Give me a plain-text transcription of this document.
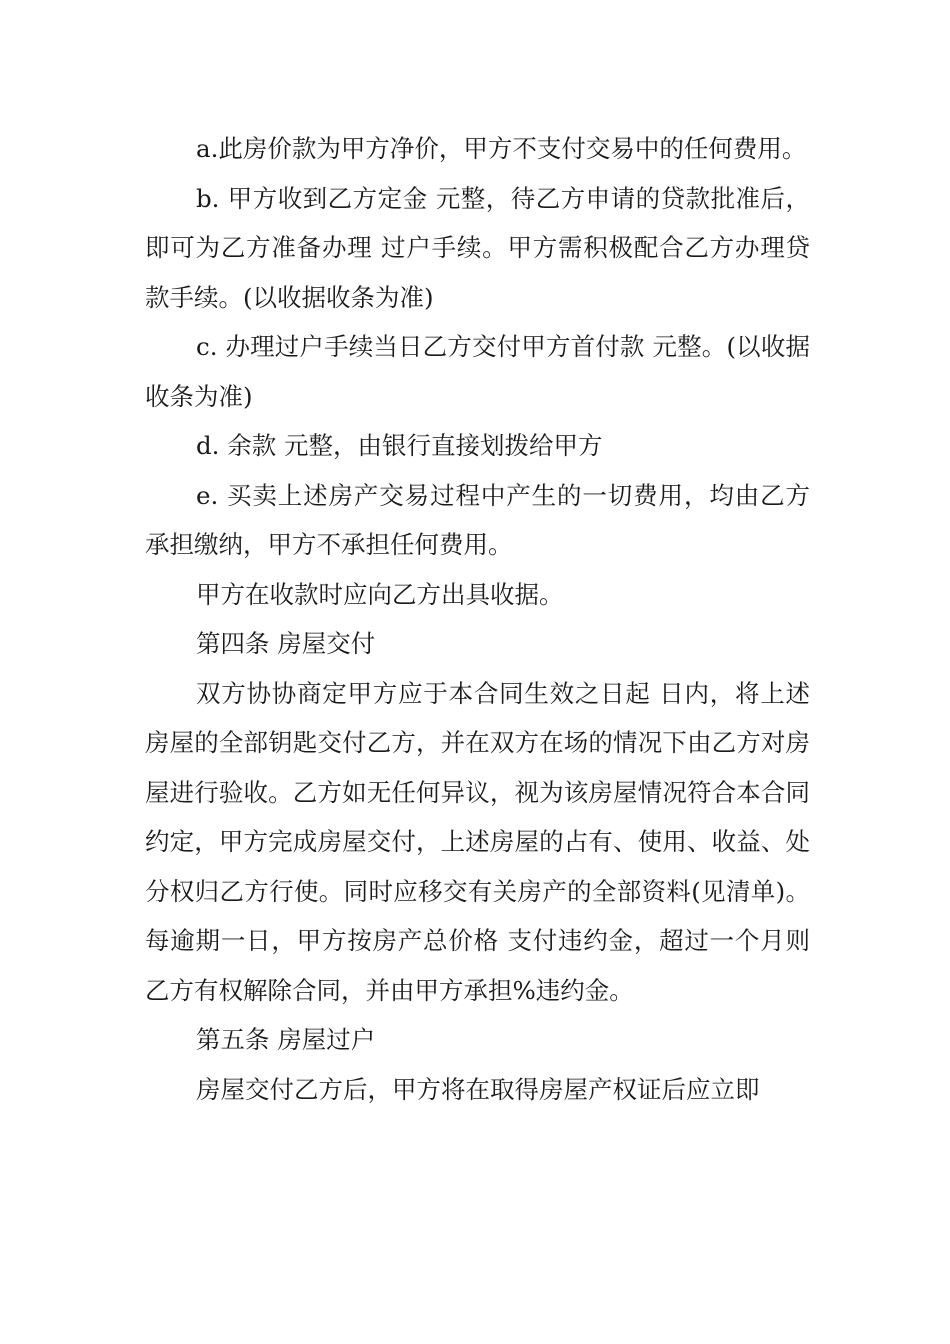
a.此房价款为甲方净价，甲方不支付交易中的任何费用。

b. 甲方收到乙方定金 元整，待乙方申请的贷款批准后，即可为乙方准备办理 过户手续。甲方需积极配合乙方办理贷款手续。(以收据收条为准)

c. 办理过户手续当日乙方交付甲方首付款 元整。(以收据收条为准)

d. 余款 元整，由银行直接划拨给甲方

e. 买卖上述房产交易过程中产生的一切费用，均由乙方承担缴纳，甲方不承担任何费用。

甲方在收款时应向乙方出具收据。

第四条 房屋交付

双方协协商定甲方应于本合同生效之日起 日内，将上述房屋的全部钥匙交付乙方，并在双方在场的情况下由乙方对房屋进行验收。乙方如无任何异议，视为该房屋情况符合本合同约定，甲方完成房屋交付，上述房屋的占有、使用、收益、处分权归乙方行使。同时应移交有关房产的全部资料(见清单)。每逾期一日，甲方按房产总价格 支付违约金，超过一个月则乙方有权解除合同，并由甲方承担%违约金。

第五条 房屋过户

房屋交付乙方后，甲方将在取得房屋产权证后应立即
